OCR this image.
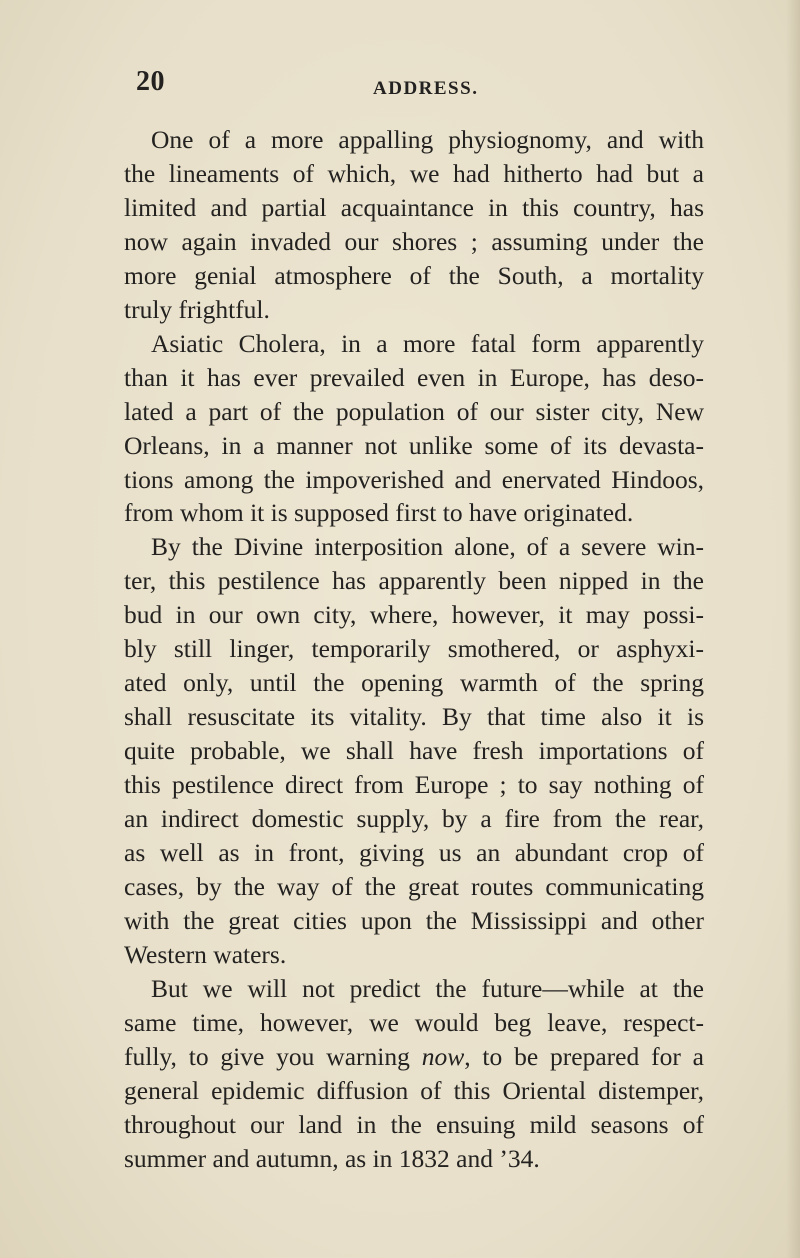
20	ADDRESS.
One of a more appalling physiognomy, and with
the lineaments of which, we had hitherto had but a
limited and partial acquaintance in this country, has
now again invaded our shores ; assuming under the
more genial atmosphere of the South, a mortality
truly frightful.
Asiatic Cholera, in a more fatal form apparently
than it has ever prevailed even in Europe, has deso-
lated a part of the population of our sister city, New
Orleans, in a manner not unlike some of its devasta-
tions among the impoverished and enervated Hindoos,
from whom it is supposed first to have originated.
By the Divine interposition alone, of a severe win-
ter, this pestilence has apparently been nipped in the
bud in our own city, where, however, it may possi-
bly still linger, temporarily smothered, or asphyxi-
ated only, until the opening warmth of the spring
shall resuscitate its vitality. By that time also it is
quite probable, we shall have fresh importations of
this pestilence direct from Europe ; to say nothing of
an indirect domestic supply, by a fire from the rear,
as well as in front, giving us an abundant crop of
cases, by the way of the great routes communicating
with the great cities upon the Mississippi and other
Western waters.
But we will not predict the future—while at the
same time, however, we would beg leave, respect-
fully, to give you warning now, to be prepared for a
general epidemic diffusion of this Oriental distemper,
throughout our land in the ensuing mild seasons of
summer and autumn, as in 1832 and ’34.
